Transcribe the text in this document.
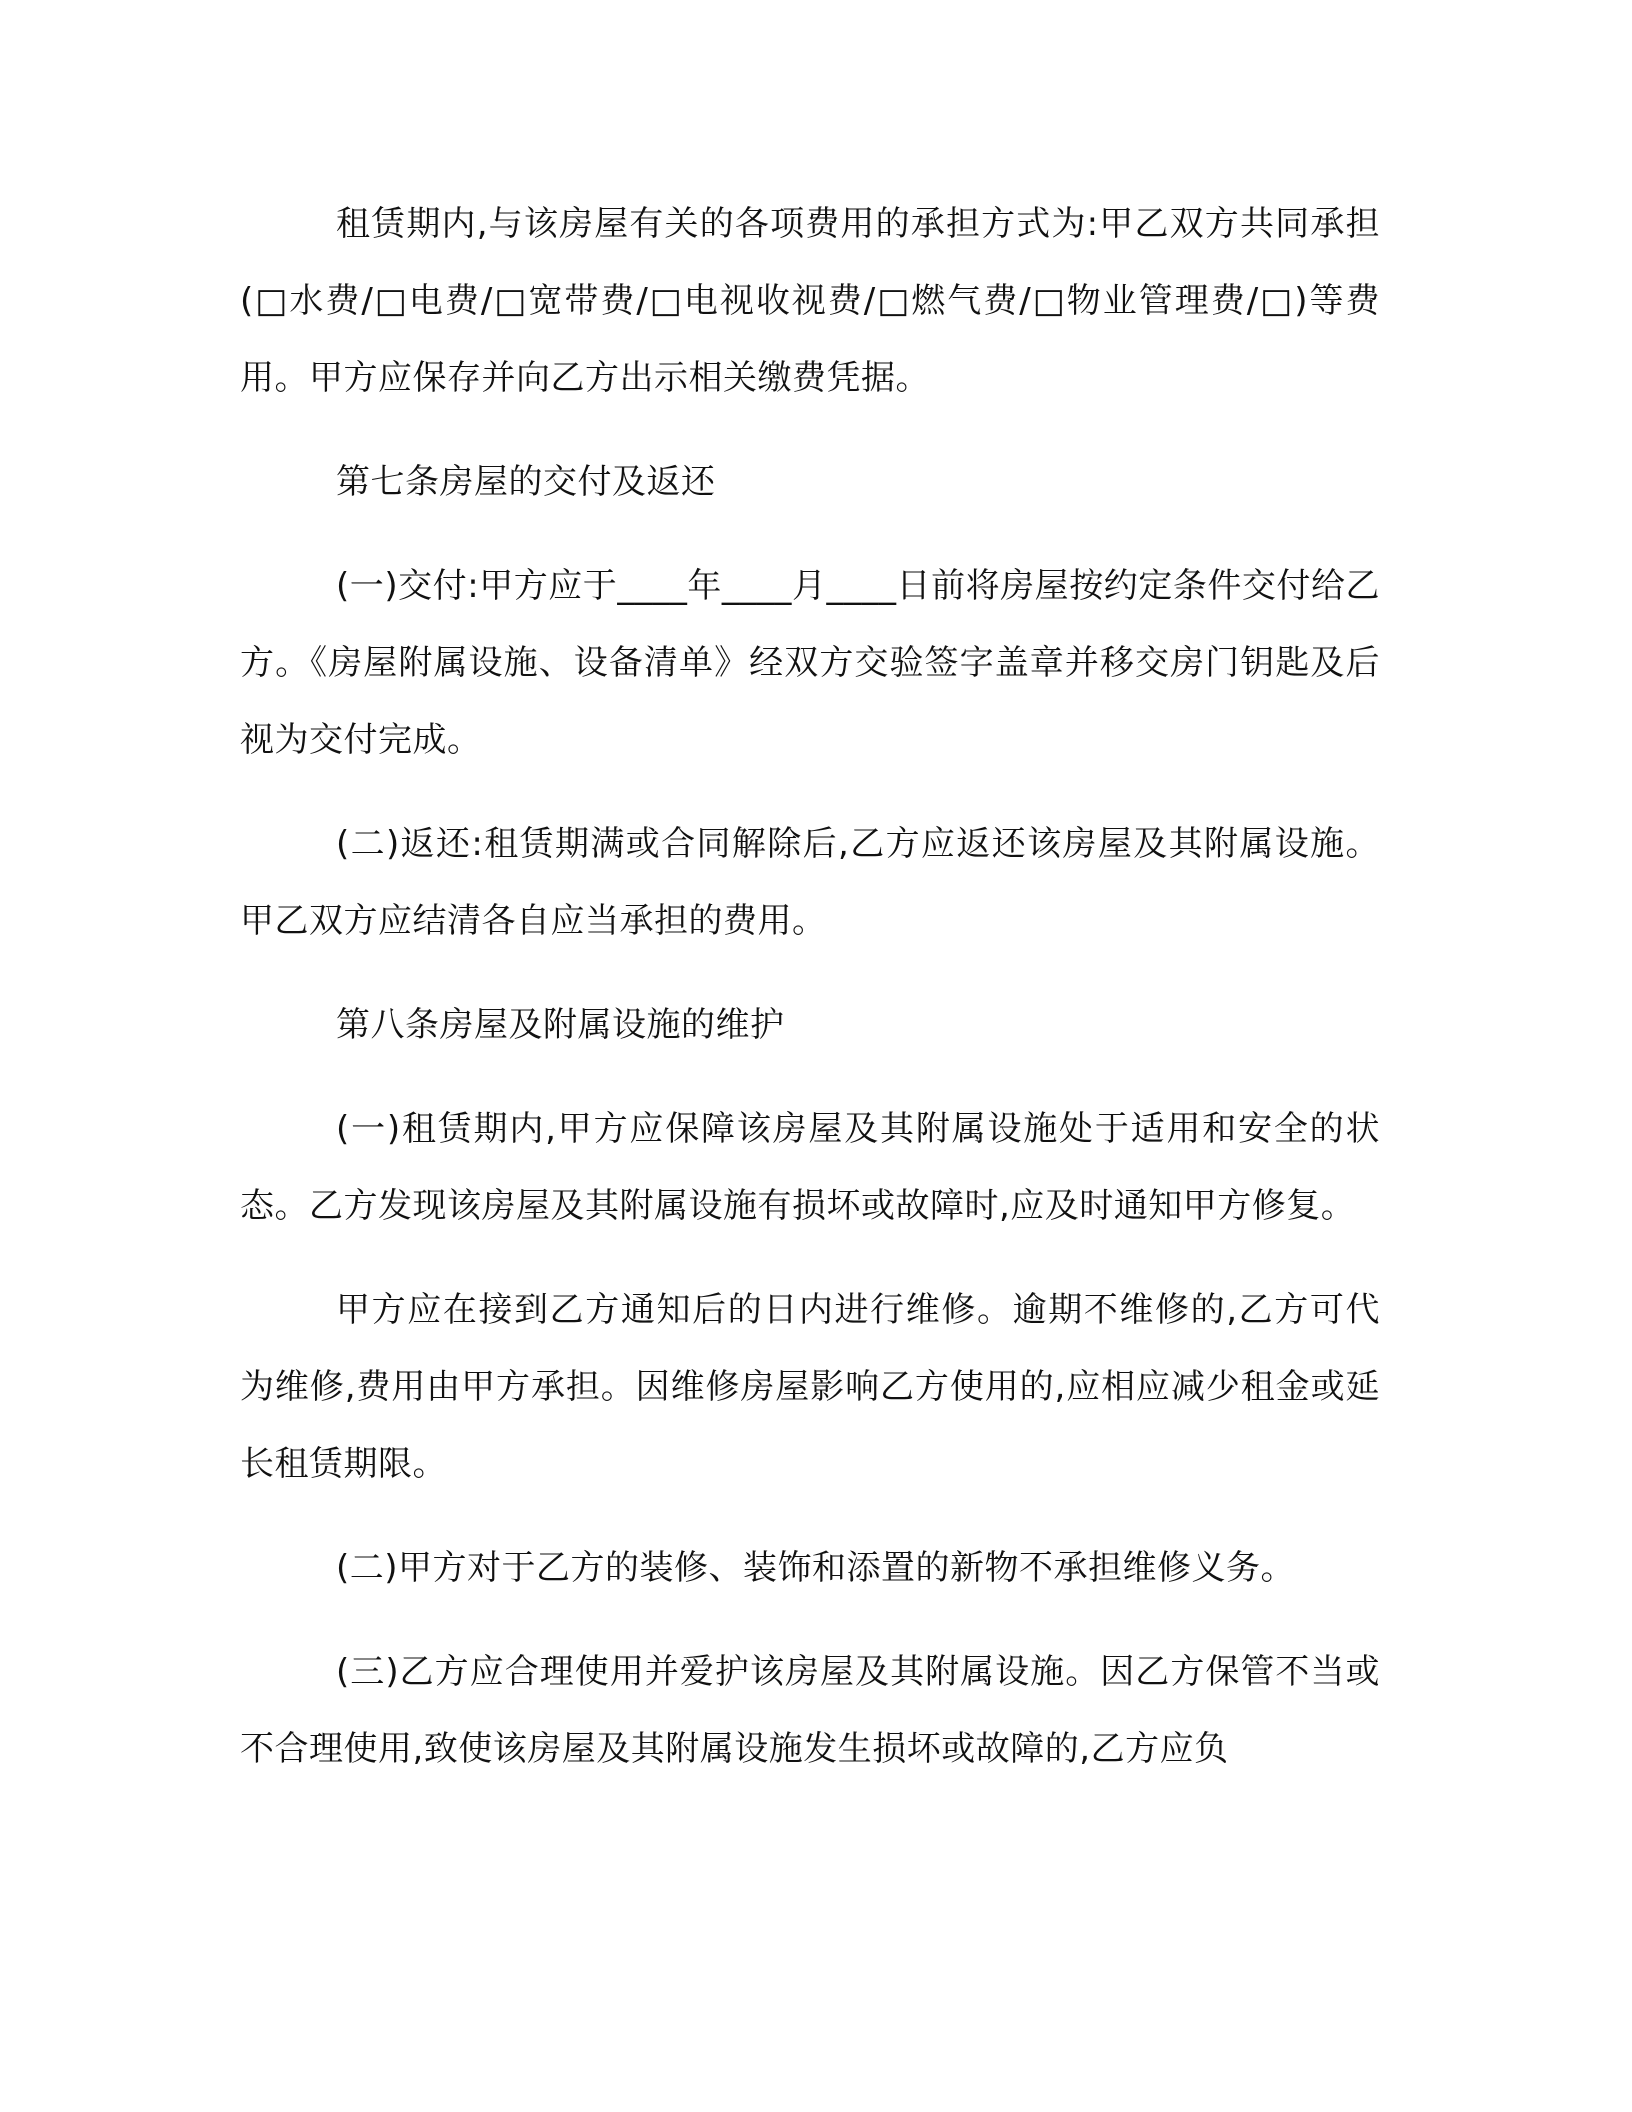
租赁期内,与该房屋有关的各项费用的承担方式为:甲乙双方共同承担(□水费/□电费/□宽带费/□电视收视费/□燃气费/□物业管理费/□)等费用。甲方应保存并向乙方出示相关缴费凭据。

第七条房屋的交付及返还

(一)交付:甲方应于____年____月____日前将房屋按约定条件交付给乙方。《房屋附属设施、设备清单》经双方交验签字盖章并移交房门钥匙及后视为交付完成。

(二)返还:租赁期满或合同解除后,乙方应返还该房屋及其附属设施。甲乙双方应结清各自应当承担的费用。

第八条房屋及附属设施的维护

(一)租赁期内,甲方应保障该房屋及其附属设施处于适用和安全的状态。乙方发现该房屋及其附属设施有损坏或故障时,应及时通知甲方修复。

甲方应在接到乙方通知后的日内进行维修。逾期不维修的,乙方可代为维修,费用由甲方承担。因维修房屋影响乙方使用的,应相应减少租金或延长租赁期限。

(二)甲方对于乙方的装修、装饰和添置的新物不承担维修义务。

(三)乙方应合理使用并爱护该房屋及其附属设施。因乙方保管不当或不合理使用,致使该房屋及其附属设施发生损坏或故障的,乙方应负
